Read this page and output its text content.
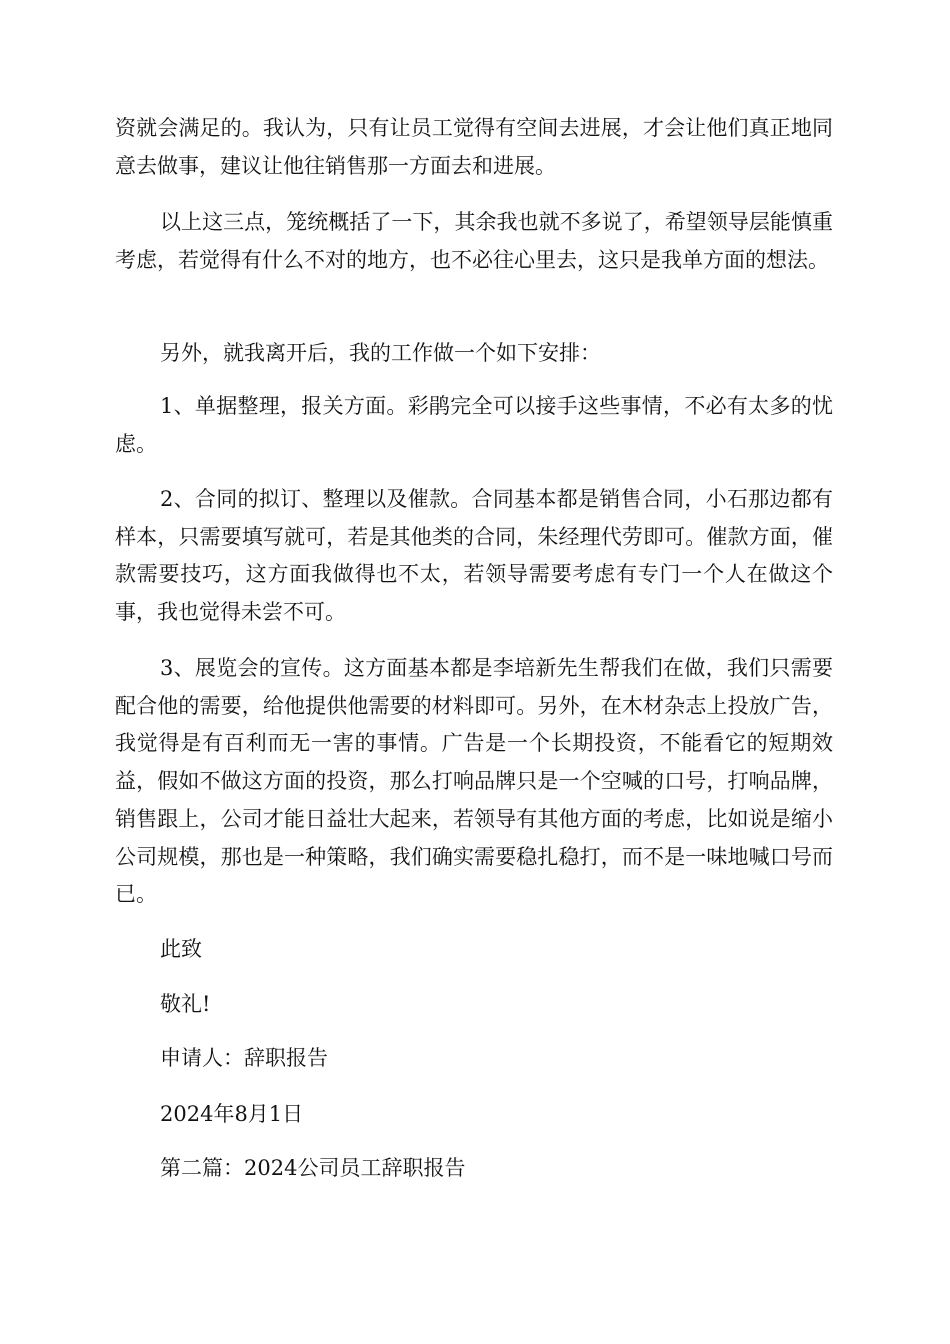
资就会满足的。我认为，只有让员工觉得有空间去进展，才会让他们真正地同意去做事，建议让他往销售那一方面去和进展。

以上这三点，笼统概括了一下，其余我也就不多说了，希望领导层能慎重考虑，若觉得有什么不对的地方，也不必往心里去，这只是我单方面的想法。

另外，就我离开后，我的工作做一个如下安排：

1、单据整理，报关方面。彩鹃完全可以接手这些事情，不必有太多的忧虑。

2、合同的拟订、整理以及催款。合同基本都是销售合同，小石那边都有样本，只需要填写就可，若是其他类的合同，朱经理代劳即可。催款方面，催款需要技巧，这方面我做得也不太，若领导需要考虑有专门一个人在做这个事，我也觉得未尝不可。

3、展览会的宣传。这方面基本都是李培新先生帮我们在做，我们只需要配合他的需要，给他提供他需要的材料即可。另外，在木材杂志上投放广告，我觉得是有百利而无一害的事情。广告是一个长期投资，不能看它的短期效益，假如不做这方面的投资，那么打响品牌只是一个空喊的口号，打响品牌，销售跟上，公司才能日益壮大起来，若领导有其他方面的考虑，比如说是缩小公司规模，那也是一种策略，我们确实需要稳扎稳打，而不是一味地喊口号而已。

此致

敬礼!

申请人：辞职报告

2024年8月1日

第二篇：2024公司员工辞职报告
